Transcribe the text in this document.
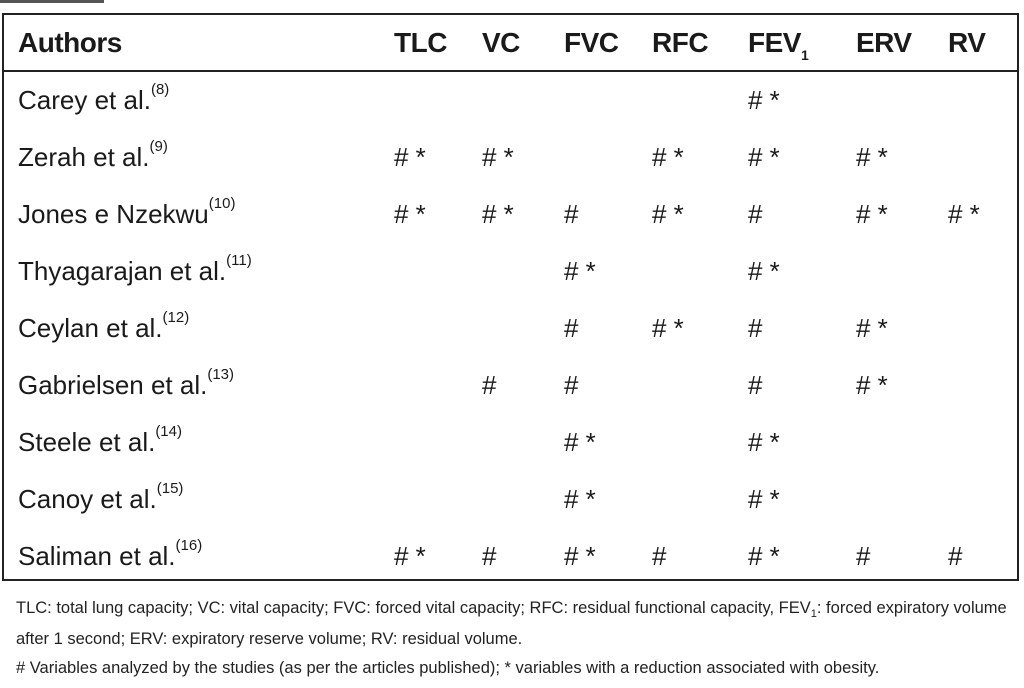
Authors	TLC	VC	FVC	RFC	$FEV_1$	ERV	RV
Carey et al.$^{(8)}$					# *		
Zerah et al.$^{(9)}$	# *	# *		# *	# *	# *	
Jones e Nzekwu$^{(10)}$	# *	# *	#	# *	#	# *	# *
Thyagarajan et al.$^{(11)}$			# *		# *		
Ceylan et al.$^{(12)}$			#	# *	#	# *	
Gabrielsen et al.$^{(13)}$		#	#		#	# *	
Steele et al.$^{(14)}$			# *		# *		
Canoy et al.$^{(15)}$			# *		# *		
Saliman et al.$^{(16)}$	# *	#	# *	#	# *	#	#

TLC: total lung capacity; VC: vital capacity; FVC: forced vital capacity; RFC: residual functional capacity, $FEV_1$: forced expiratory volume after 1 second; ERV: expiratory reserve volume; RV: residual volume.

# Variables analyzed by the studies (as per the articles published); * variables with a reduction associated with obesity.
